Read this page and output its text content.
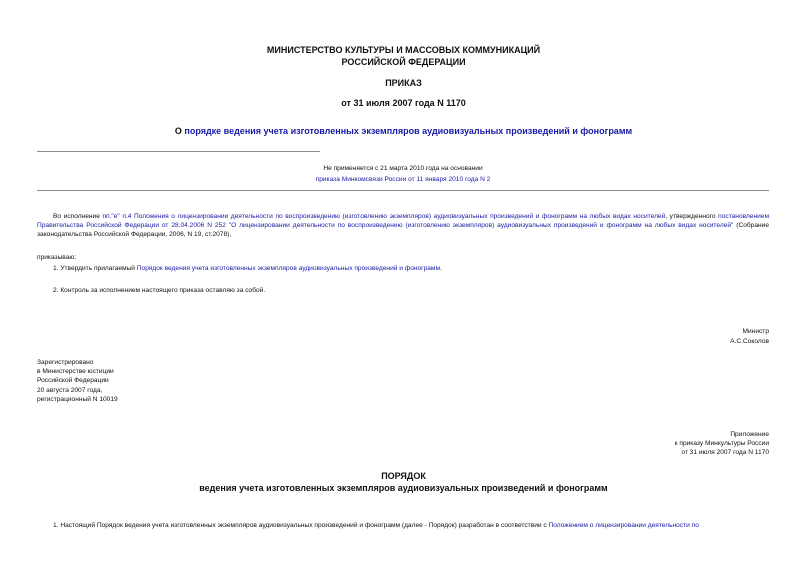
МИНИСТЕРСТВО КУЛЬТУРЫ И МАССОВЫХ КОММУНИКАЦИЙ
РОССИЙСКОЙ ФЕДЕРАЦИИ
ПРИКАЗ
от 31 июля 2007 года N 1170
О порядке ведения учета изготовленных экземпляров аудиовизуальных произведений и фонограмм
Не применяется с 21 марта 2010 года на основании
приказа Минкомсвязи России от 11 января 2010 года N 2
Во исполнение пп."е" п.4 Положения о лицензировании деятельности по воспроизведению (изготовлению экземпляров) аудиовизуальных произведений и фонограмм на любых видах носителей, утвержденного постановлением Правительства Российской Федерации от 28.04.2006 N 252 "О лицензировании деятельности по воспроизведению (изготовлению экземпляров) аудиовизуальных произведений и фонограмм на любых видах носителей" (Собрание законодательства Российской Федерации, 2006, N 19, ст.2078),
приказываю:
1. Утвердить прилагаемый Порядок ведения учета изготовленных экземпляров аудиовизуальных произведений и фонограмм.
2. Контроль за исполнением настоящего приказа оставляю за собой.
Министр
А.С.Соколов
Зарегистрировано
в Министерстве юстиции
Российской Федерации
20 августа 2007 года,
регистрационный N 10019
Приложение
к приказу Минкультуры России
от 31 июля 2007 года N 1170
ПОРЯДОК
ведения учета изготовленных экземпляров аудиовизуальных произведений и фонограмм
1. Настоящий Порядок ведения учета изготовленных экземпляров аудиовизуальных произведений и фонограмм (далее - Порядок) разработан в соответствии с Положением о лицензировании деятельности по
